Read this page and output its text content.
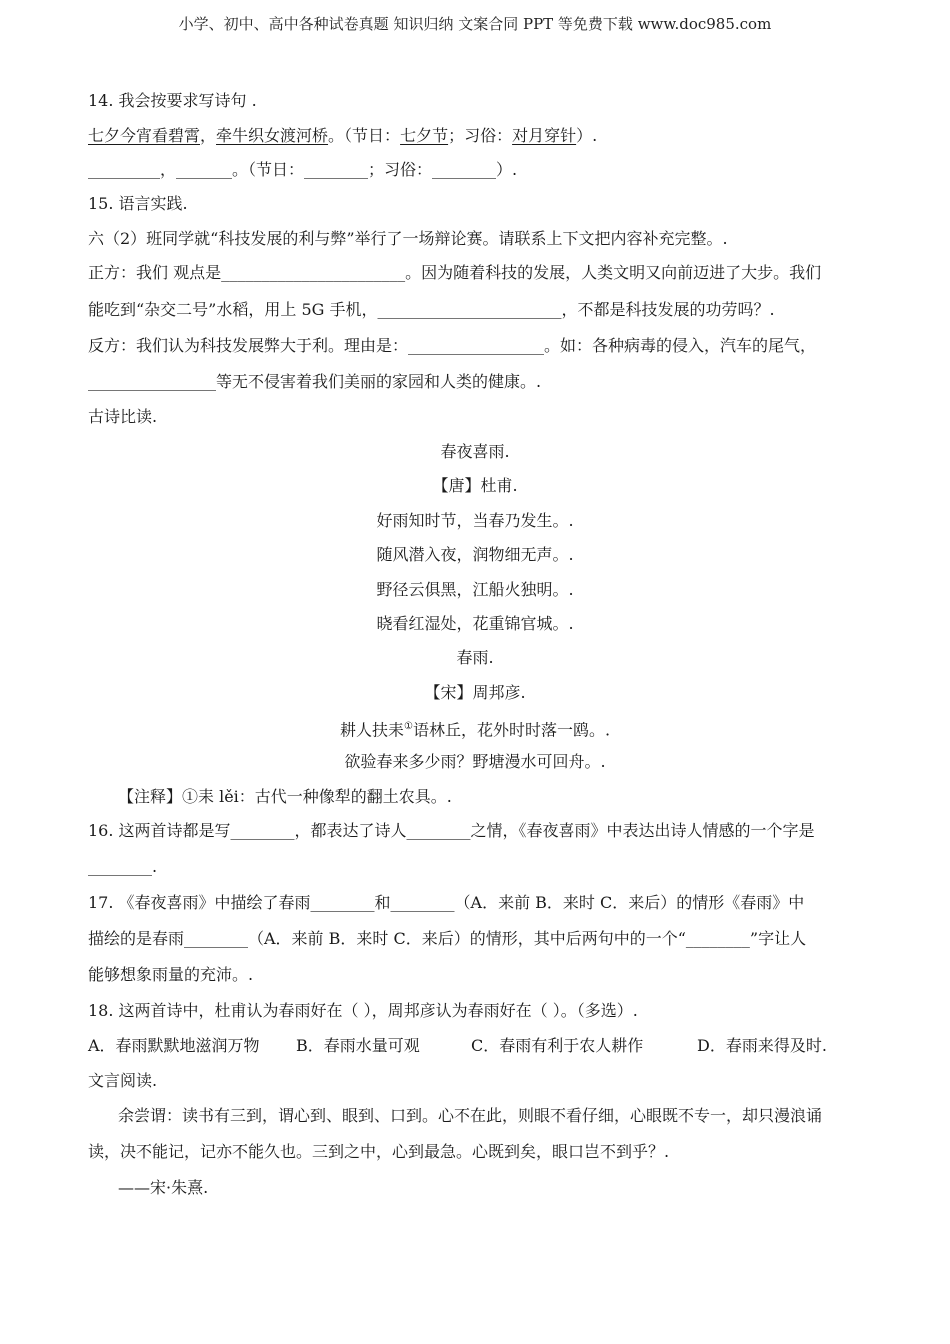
小学、初中、高中各种试卷真题 知识归纳 文案合同 PPT 等免费下载 www.doc985.com
14. 我会按要求写诗句 .
七夕今宵看碧霄，牵牛织女渡河桥。（节日：七夕节；习俗：对月穿针）.
_________，_______。（节日：________；习俗：________）.
15. 语言实践.
六（2）班同学就“科技发展的利与弊”举行了一场辩论赛。请联系上下文把内容补充完整。.
正方：我们 观点是_______________________。因为随着科技的发展，人类文明又向前迈进了大步。我们
能吃到“杂交二号”水稻，用上 5G 手机，_______________________，不都是科技发展的功劳吗？.
反方：我们认为科技发展弊大于利。理由是：_________________。如：各种病毒的侵入，汽车的尾气，
________________等无不侵害着我们美丽的家园和人类的健康。.
古诗比读.
春夜喜雨.
【唐】杜甫.
好雨知时节，当春乃发生。.
随风潜入夜，润物细无声。.
野径云俱黑，江船火独明。.
晓看红湿处，花重锦官城。.
春雨.
【宋】周邦彦.
耕人扶耒①语林丘，花外时时落一鸥。.
欲验春来多少雨？野塘漫水可回舟。.
【注释】①耒 lěi：古代一种像犁的翻土农具。.
16. 这两首诗都是写________，都表达了诗人________之情，《春夜喜雨》中表达出诗人情感的一个字是
________.
17. 《春夜喜雨》中描绘了春雨________和________（A．来前 B．来时 C．来后）的情形《春雨》中
描绘的是春雨________（A．来前 B．来时 C．来后）的情形，其中后两句中的一个“________”字让人
能够想象雨量的充沛。.
18. 这两首诗中，杜甫认为春雨好在（ ），周邦彦认为春雨好在（ ）。（多选）.
A．春雨默默地滋润万物 B．春雨水量可观	C．春雨有利于农人耕作	D．春雨来得及时.
文言阅读.
余尝谓：读书有三到，谓心到、眼到、口到。心不在此，则眼不看仔细，心眼既不专一，却只漫浪诵
读，决不能记，记亦不能久也。三到之中，心到最急。心既到矣，眼口岂不到乎？.
——宋·朱熹.
